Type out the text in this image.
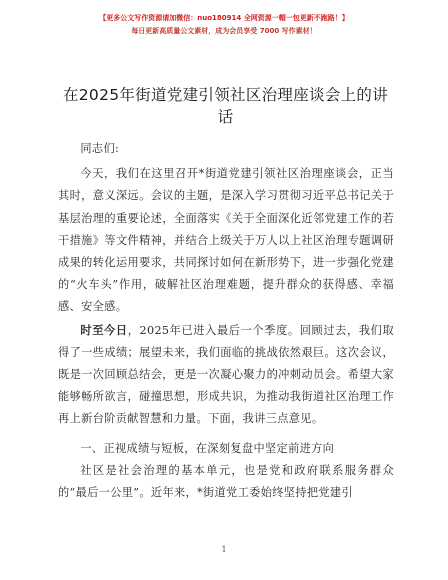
【更多公文写作资源请加微信：nuo180914 全网资源一帽一包更新不跑路！】
每日更新高质量公文素材，成为会员享受 7000 写作素材！
在2025年街道党建引领社区治理座谈会上的讲话

同志们:

今天，我们在这里召开*街道党建引领社区治理座谈会，正当其时，意义深远。会议的主题，是深入学习贯彻习近平总书记关于基层治理的重要论述，全面落实《关于全面深化近邻党建工作的若干措施》等文件精神，并结合上级关于万人以上社区治理专题调研成果的转化运用要求，共同探讨如何在新形势下，进一步强化党建的“火车头”作用，破解社区治理难题，提升群众的获得感、幸福感、安全感。

时至今日，2025年已进入最后一个季度。回顾过去，我们取得了一些成绩；展望未来，我们面临的挑战依然艰巨。这次会议，既是一次回顾总结会，更是一次凝心聚力的冲刺动员会。希望大家能够畅所欲言，碰撞思想，形成共识，为推动我街道社区治理工作再上新台阶贡献智慧和力量。下面，我讲三点意见。

一、正视成绩与短板，在深刻复盘中坚定前进方向

社区是社会治理的基本单元，也是党和政府联系服务群众的“最后一公里”。近年来，*街道党工委始终坚持把党建引

1
